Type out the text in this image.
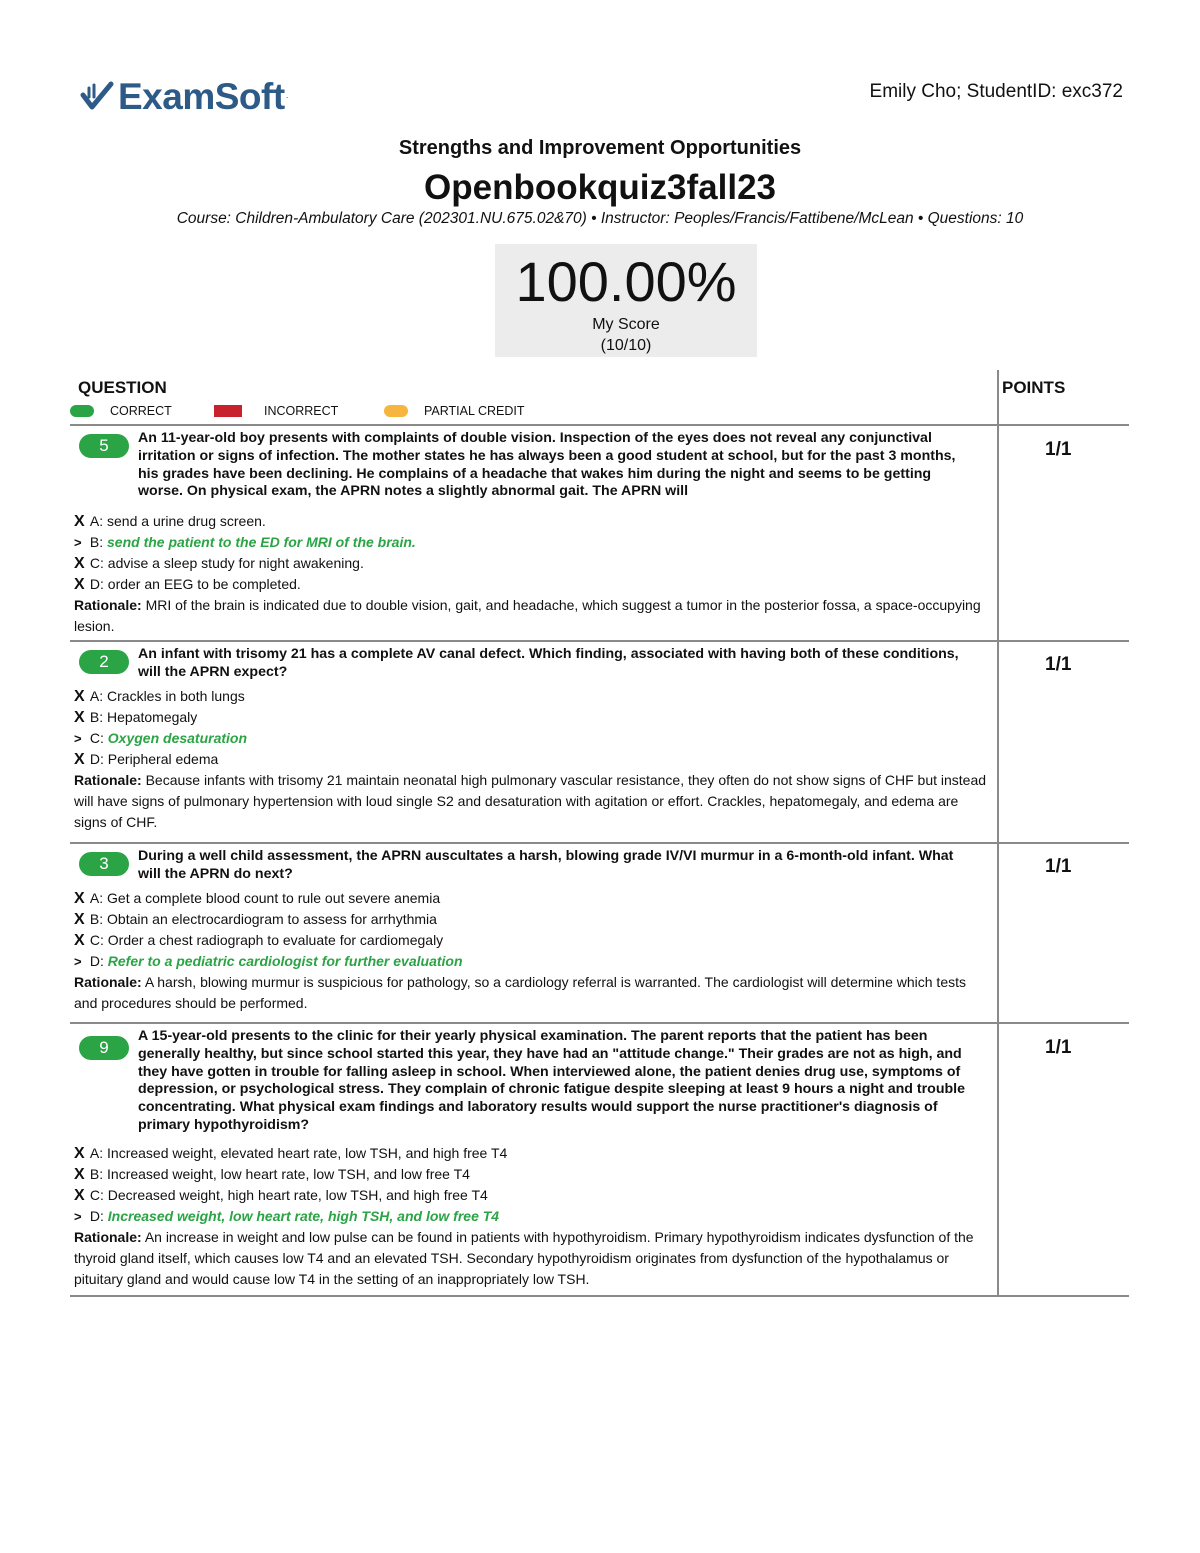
ExamSoft ·	Emily Cho; StudentID: exc372
Strengths and Improvement Opportunities
Openbookquiz3fall23
Course: Children-Ambulatory Care (202301.NU.675.02&70) • Instructor: Peoples/Francis/Fattibene/McLean • Questions: 10
100.00%
My Score
(10/10)
QUESTION	POINTS
CORRECT	INCORRECT	PARTIAL CREDIT
5	An 11-year-old boy presents with complaints of double vision. Inspection of the eyes does not reveal any conjunctival irritation or signs of infection. The mother states he has always been a good student at school, but for the past 3 months, his grades have been declining. He complains of a headache that wakes him during the night and seems to be getting worse. On physical exam, the APRN notes a slightly abnormal gait. The APRN will
X
A:
send a urine drug screen.
>
B:
send the patient to the ED for MRI of the brain.
X
C:
advise a sleep study for night awakening.
X
D:
order an EEG to be completed.
Rationale: MRI of the brain is indicated due to double vision, gait, and headache, which suggest a tumor in the posterior fossa, a space-occupying lesion.
1/1
2	An infant with trisomy 21 has a complete AV canal defect. Which finding, associated with having both of these conditions, will the APRN expect?
X
A:
Crackles in both lungs
X
B:
Hepatomegaly
>
C:
Oxygen desaturation
X
D:
Peripheral edema
Rationale: Because infants with trisomy 21 maintain neonatal high pulmonary vascular resistance, they often do not show signs of CHF but instead will have signs of pulmonary hypertension with loud single S2 and desaturation with agitation or effort. Crackles, hepatomegaly, and edema are signs of CHF.
1/1
3	During a well child assessment, the APRN auscultates a harsh, blowing grade IV/VI murmur in a 6-month-old infant. What will the APRN do next?
X
A:
Get a complete blood count to rule out severe anemia
X
B:
Obtain an electrocardiogram to assess for arrhythmia
X
C:
Order a chest radiograph to evaluate for cardiomegaly
>
D:
Refer to a pediatric cardiologist for further evaluation
Rationale: A harsh, blowing murmur is suspicious for pathology, so a cardiology referral is warranted. The cardiologist will determine which tests and procedures should be performed.
1/1
9
A 15-year-old presents to the clinic for their yearly physical examination. The parent reports that the patient has been generally healthy, but since school started this year, they have had an "attitude change." Their grades are not as high, and they have gotten in trouble for falling asleep in school. When interviewed alone, the patient denies drug use, symptoms of depression, or psychological stress. They complain of chronic fatigue despite sleeping at least 9 hours a night and trouble concentrating. What physical exam findings and laboratory results would support the nurse practitioner's diagnosis of primary hypothyroidism?
X
A:
Increased weight, elevated heart rate, low TSH, and high free T4
X
B:
Increased weight, low heart rate, low TSH, and low free T4
X
C:
Decreased weight, high heart rate, low TSH, and high free T4
>
D:
Increased weight, low heart rate, high TSH, and low free T4
Rationale: An increase in weight and low pulse can be found in patients with hypothyroidism. Primary hypothyroidism indicates dysfunction of the thyroid gland itself, which causes low T4 and an elevated TSH. Secondary hypothyroidism originates from dysfunction of the hypothalamus or pituitary gland and would cause low T4 in the setting of an inappropriately low TSH.
1/1
